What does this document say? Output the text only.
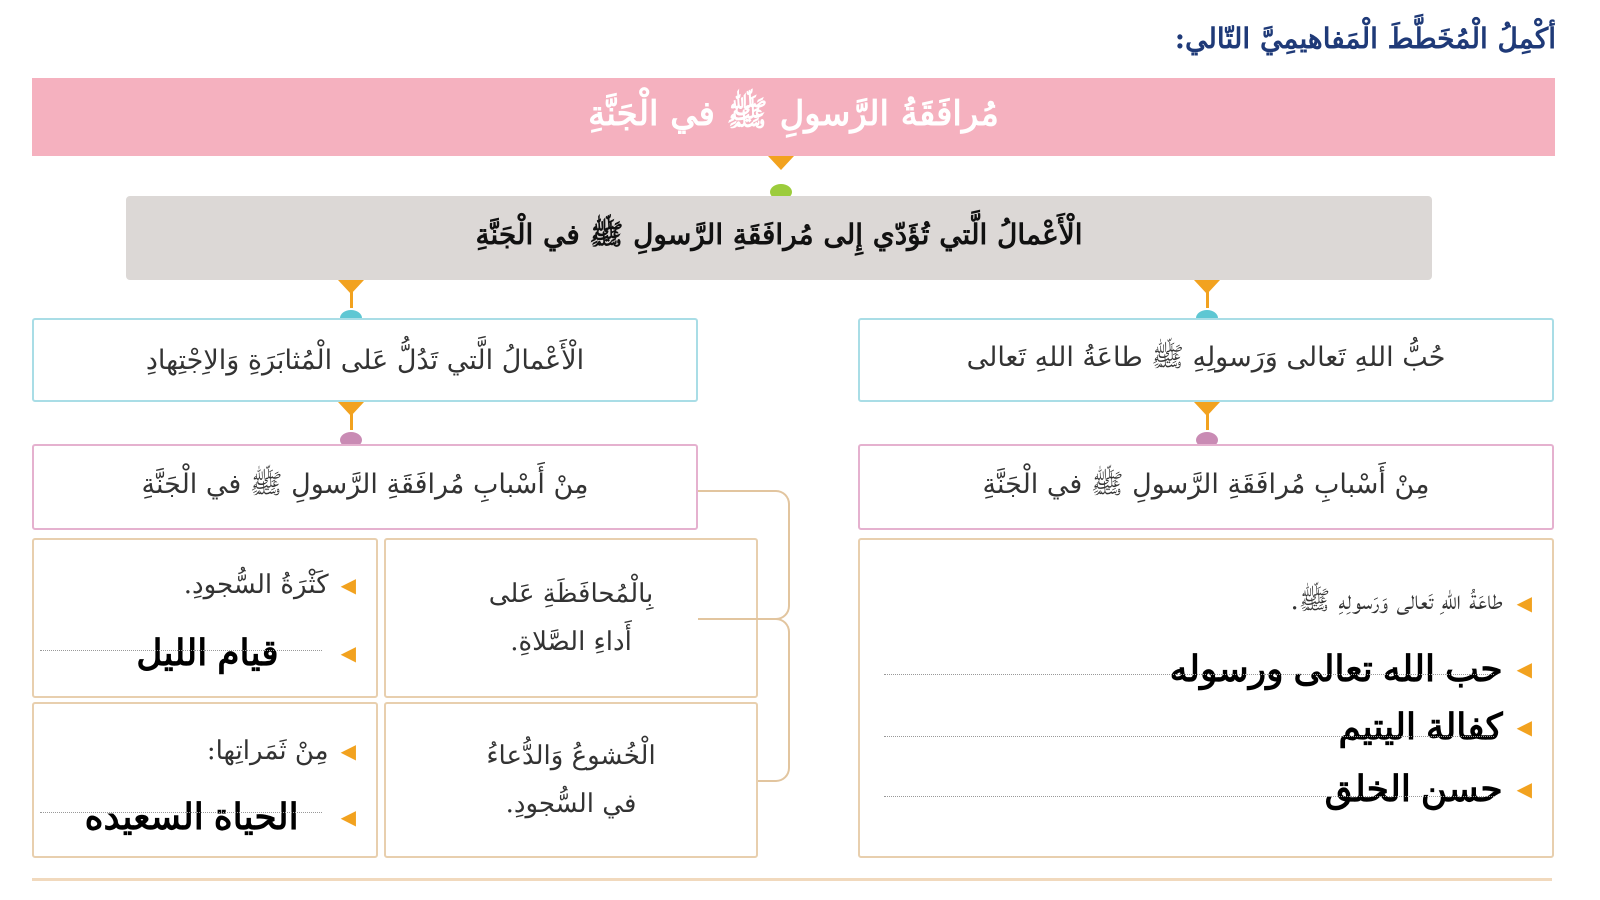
أكْمِلُ الْمُخَطَّطَ الْمَفاهيمِيَّ التّالي:
مُرافَقَةُ الرَّسولِ ﷺ في الْجَنَّةِ
الْأَعْمالُ الَّتي تُؤَدّي إِلى مُرافَقَةِ الرَّسولِ ﷺ في الْجَنَّةِ
حُبُّ اللهِ تَعالى وَرَسولِهِ ﷺ طاعَةُ اللهِ تَعالى
الْأَعْمالُ الَّتي تَدُلُّ عَلى الْمُثابَرَةِ وَالاِجْتِهادِ
مِنْ أَسْبابِ مُرافَقَةِ الرَّسولِ ﷺ في الْجَنَّةِ
مِنْ أَسْبابِ مُرافَقَةِ الرَّسولِ ﷺ في الْجَنَّةِ
◀
طاعَةُ اللهِ تَعالى وَرَسولِهِ ﷺ.
◀
حب الله تعالى ورسوله
◀
كفالة اليتيم
◀
حسن الخلق
بِالْمُحافَظَةِ عَلى
أَداءِ الصَّلاةِ.
الْخُشوعُ وَالدُّعاءُ
في السُّجودِ.
◀
كَثْرَةُ السُّجودِ.
◀
قيام الليل
◀
مِنْ ثَمَراتِها:
◀
الحياة السعيده
